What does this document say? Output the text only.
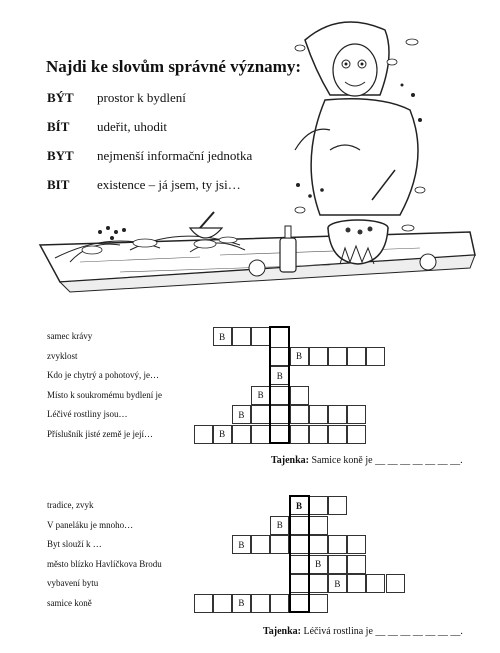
Najdi ke slovům správné významy:
BÝT prostor k bydlení
BÍT udeřit, uhodit
BYT nejmenší informační jednotka
BIT existence – já jsem, ty jsi…
samec krávy	B
zvyklost	B
Kdo je chytrý a pohotový, je…	B
Místo k soukromému bydlení je	B
Léčivé rostliny jsou…	B
Příslušník jisté země je její…	B
tradice, zvyk	B
V paneláku je mnoho…	B
Byt slouží k …	B
město blízko Havlíčkova Brodu	B
vybavení bytu	B
samice koně	B
Tajenka: Samice koně je __ __ __ __ __ __ __.
Tajenka: Léčivá rostlina je __ __ __ __ __ __ __.
